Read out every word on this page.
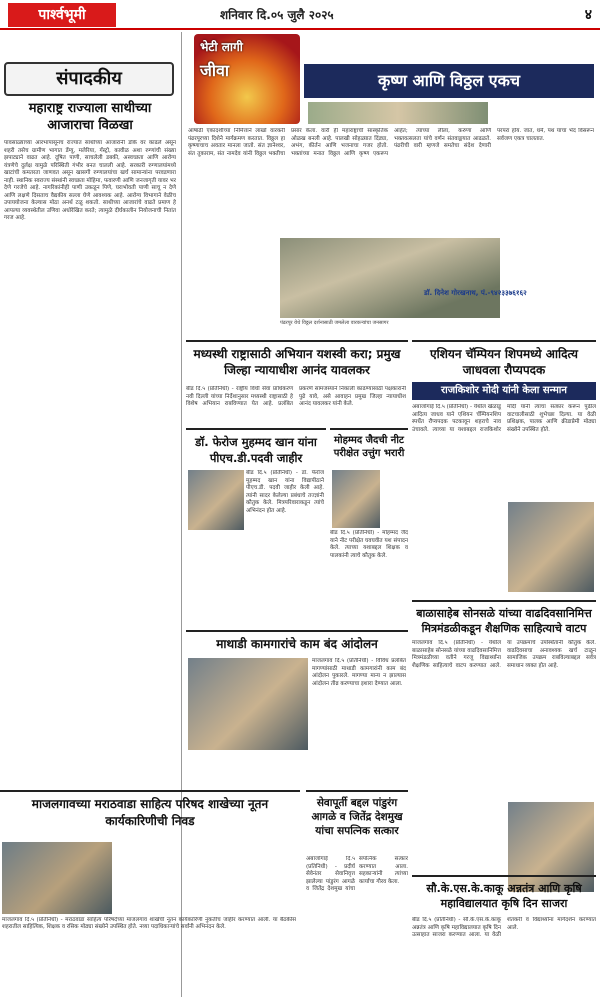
पार्श्वभूमी	शनिवार दि.०५ जुलै २०२५	४
संपादकीय
महाराष्ट्र राज्याला साथीच्या आजाराचा विळखा

पावसाळ्याच्या आरंभापासूनच राज्यात साथीच्या आजारांनी डोके वर काढले असून शहरी तसेच ग्रामीण भागात डेंग्यू, मलेरिया, गॅस्ट्रो, कावीळ अशा रुग्णांची संख्या झपाट्याने वाढत आहे. दूषित पाणी, साचलेली डबकी, अस्वच्छता आणि आरोग्य यंत्रणेचे दुर्लक्ष यामुळे परिस्थिती गंभीर बनत चालली आहे. सरकारी रुग्णालयांमध्ये खाटांची कमतरता जाणवत असून खासगी रुग्णालयांचा खर्च सामान्यांना परवडणारा नाही. स्थानिक स्वराज्य संस्थांनी स्वच्छता मोहिमा, फवारणी आणि जनजागृती यावर भर देणे गरजेचे आहे. नागरिकांनीही पाणी उकळून पिणे, घराभोवती पाणी साचू न देणे आणि लक्षणे दिसताच वैद्यकीय सल्ला घेणे आवश्यक आहे. आरोग्य विभागाने वेळीच उपाययोजना केल्यास मोठा अनर्थ टळू शकतो. साथीच्या आजारांचे वाढते प्रमाण हे आपल्या व्यवस्थेतील उणिवा अधोरेखित करते; त्यामुळे दीर्घकालीन नियोजनाची नितांत गरज आहे.

माजलगावच्या मराठवाडा साहित्य परिषद शाखेच्या नूतन कार्यकारिणीची निवड
माजलगाव दि.५ (प्रतिनिधी) - मराठवाडा साहित्य परिषदेच्या माजलगाव शाखेची नूतन कार्यकारिणी नुकतीच जाहीर करण्यात आली. या बैठकीस शहरातील साहित्यिक, शिक्षक व रसिक मोठ्या संख्येने उपस्थित होते. नव्या पदाधिकाऱ्यांचे सर्वांनी अभिनंदन केले.
भेटी लागी
जीवा
कृष्ण आणि विठ्ठल एकच
आषाढी एकादशीच्या निमित्ताने लाखो वारकरी पंढरपूरच्या दिशेने मार्गक्रमण करतात. विठ्ठल हा कृष्णाचाच अवतार मानला जातो. संत ज्ञानेश्वर, संत तुकाराम, संत नामदेव यांनी विठ्ठल भक्तीचा प्रसार केला. वारी ही महाराष्ट्राची सांस्कृतिक ओळख बनली आहे. पालखी सोहळ्यात दिंड्या, अभंग, कीर्तन आणि भजनाचा गजर होतो. भक्तांच्या मनात विठ्ठल आणि कृष्ण एकरूप आहेत; त्यांच्या लीला, करुणा आणि भक्तवत्सलता यांचे वर्णन संतवाङ्मयात आढळते. पंढरीची वारी म्हणजे समतेचा संदेश देणारी परंपरा होय. जात, धर्म, पंथ यांचा भेद विसरून सर्वजण एकत्र चालतात.
पंढरपूर येथे विठ्ठल दर्शनासाठी जमलेला वारकऱ्यांचा जनसागर
डॉ. दिनेश गोरखनाथ, पं.-९४२३३७६१६२
मध्यस्थी राष्ट्रासाठी अभियान यशस्वी करा; प्रमुख जिल्हा न्यायाधीश आनंद यावलकर
बीड दि.५ (प्रतिनिधी) - राष्ट्रीय विधी सेवा प्राधिकरण नवी दिल्ली यांच्या निर्देशानुसार मध्यस्थी राष्ट्रासाठी हे विशेष अभियान राबविण्यात येत आहे. प्रलंबित प्रकरणे सामंजस्याने निकाली काढण्यासाठी पक्षकारांनी पुढे यावे, असे आवाहन प्रमुख जिल्हा न्यायाधीश आनंद यावलकर यांनी केले.
एशियन चॅम्पियन शिपमध्ये आदित्य जाधवला रौप्यपदक
राजकिशोर मोदी यांनी केला सन्मान
अंबाजोगाई दि.५ (प्रतिनिधी) - येथील खेळाडू आदित्य जाधव याने एशियन चॅम्पियनशिप स्पर्धेत रौप्यपदक पटकावून शहराचे नाव उंचावले. त्याच्या या यशाबद्दल राजकिशोर मोदी यांनी त्याचा सत्कार करून पुढील वाटचालीसाठी शुभेच्छा दिल्या. या वेळी प्रशिक्षक, पालक आणि क्रीडाप्रेमी मोठ्या संख्येने उपस्थित होते.
डॉ. फेरोज मुहम्मद खान यांना पीएच.डी.पदवी जाहीर
बीड दि.५ (प्रतिनिधी) - डॉ. फेरोज मुहम्मद खान यांना विद्यापीठाने पीएच.डी. पदवी जाहीर केली आहे. त्यांनी सादर केलेल्या प्रबंधाचे तज्ज्ञांनी कौतुक केले. मित्रपरिवाराकडून त्यांचे अभिनंदन होत आहे.
मोहम्मद जैदची नीट परीक्षेत उत्तुंग भरारी
बीड दि.५ (प्रतिनिधी) - मोहम्मद जैद याने नीट परीक्षेत घवघवीत यश संपादन केले. त्याच्या यशाबद्दल शिक्षक व पालकांनी त्याचे कौतुक केले.
माथाडी कामगारांचे काम बंद आंदोलन
माजलगाव दि.५ (प्रतिनिधी) - विविध प्रलंबित मागण्यांसाठी माथाडी कामगारांनी काम बंद आंदोलन पुकारले. मागण्या मान्य न झाल्यास आंदोलन तीव्र करण्याचा इशारा देण्यात आला.
बाळासाहेब सोनसळे यांच्या वाढदिवसानिमित्त मित्रमंडळीकडून शैक्षणिक साहित्याचे वाटप
माजलगाव दि.५ (प्रतिनिधी) - येथील बाळासाहेब सोनसळे यांच्या वाढदिवसानिमित्त मित्रमंडळीच्या वतीने गरजू विद्यार्थ्यांना शैक्षणिक साहित्याचे वाटप करण्यात आले. या उपक्रमाचे उपस्थितांनी कौतुक केले. वाढदिवसाचा अनावश्यक खर्च टाळून सामाजिक उपक्रम राबविल्याबद्दल सर्वत्र समाधान व्यक्त होत आहे.
सेवापूर्ती बद्दल पांडुरंग आगळे व जितेंद्र देशमुख यांचा सपत्निक सत्कार
अंबाजोगाई दि.५ (प्रतिनिधी) - प्रदीर्घ सेवेनंतर सेवानिवृत्त झालेल्या पांडुरंग आगळे व जितेंद्र देशमुख यांचा सपत्निक सत्कार करण्यात आला. सहकाऱ्यांनी त्यांच्या कार्याचा गौरव केला.
सौ.के.एस.के.काकू अन्नतंत्र आणि कृषि महाविद्यालयात कृषि दिन साजरा
बीड दि.५ (प्रतिनिधी) - सौ.के.एस.के.काकू अन्नतंत्र आणि कृषि महाविद्यालयात कृषि दिन उत्साहात साजरा करण्यात आला. या वेळी शेतकरी व विद्यार्थ्यांना मार्गदर्शन करण्यात आले.
